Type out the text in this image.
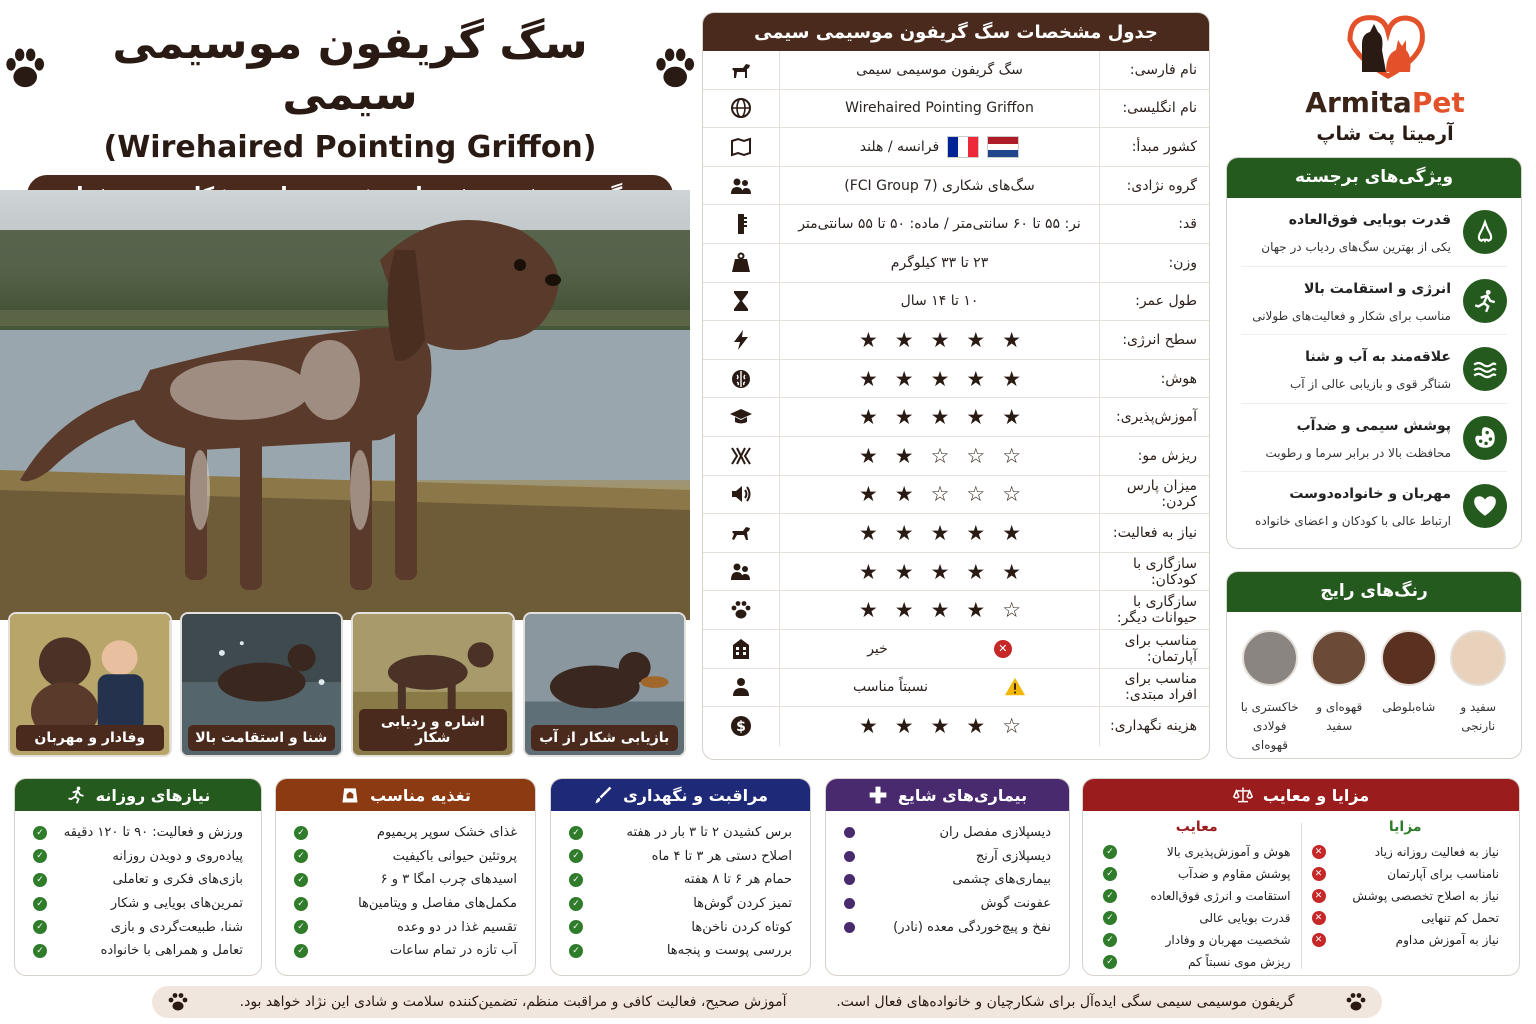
سگ گریفون موسیمی سیمی
(Wirehaired Pointing Griffon)
بازیابی شکار از آب
اشاره و ردیابی شکار
شنا و استقامت بالا
وفادار و مهربان
جدول مشخصات سگ گریفون موسیمی سیمی
نام فارسی:
سگ گریفون موسیمی سیمی
نام انگلیسی:
Wirehaired Pointing Griffon
کشور مبدأ:
فرانسه / هلند
گروه نژادی:
سگ‌های شکاری (FCI Group 7)
قد:
نر: ۵۵ تا ۶۰ سانتی‌متر / ماده: ۵۰ تا ۵۵ سانتی‌متر
وزن:
۲۳ تا ۳۳ کیلوگرم
طول عمر:
۱۰ تا ۱۴ سال
سطح انرژی:
★★★★★
هوش:
★★★★★
آموزش‌پذیری:
★★★★★
ریزش مو:
★★☆☆☆
میزان پارس کردن:
★★☆☆☆
نیاز به فعالیت:
★★★★★
سازگاری با کودکان:
★★★★★
سازگاری با حیوانات دیگر:
★★★★☆
مناسب برای آپارتمان:
✕
خیر
مناسب برای افراد مبتدی:
نسبتاً مناسب
هزینه نگهداری:
★★★★☆
$
ArmitaPet
آرمیتا پت شاپ
ویژگی‌های برجسته
قدرت بویایی فوق‌العاده
یکی از بهترین سگ‌های ردیاب در جهان
انرژی و استقامت بالا
مناسب برای شکار و فعالیت‌های طولانی
علاقه‌مند به آب و شنا
شناگر قوی و بازیابی عالی از آب
پوشش سیمی و ضدآب
محافظت بالا در برابر سرما و رطوبت
مهربان و خانواده‌دوست
ارتباط عالی با کودکان و اعضای خانواده
رنگ‌های رایج
سفید و نارنجی
شاه‌بلوطی
قهوه‌ای و سفید
خاکستری با فولادی قهوه‌ای
مزایا و معایب
مزایا
نیاز به فعالیت روزانه زیاد
✕
نامناسب برای آپارتمان
✕
نیاز به اصلاح تخصصی پوشش
✕
تحمل کم تنهایی
✕
نیاز به آموزش مداوم
✕
معایب
هوش و آموزش‌پذیری بالا
✓
پوشش مقاوم و ضدآب
✓
استقامت و انرژی فوق‌العاده
✓
قدرت بویایی عالی
✓
شخصیت مهربان و وفادار
✓
ریزش موی نسبتاً کم
✓
بیماری‌های شایع
دیسپلازی مفصل ران
دیسپلازی آرنج
بیماری‌های چشمی
عفونت گوش
نفخ و پیچ‌خوردگی معده (نادر)
مراقبت و نگهداری
برس کشیدن ۲ تا ۳ بار در هفته
✓
اصلاح دستی هر ۳ تا ۴ ماه
✓
حمام هر ۶ تا ۸ هفته
✓
تمیز کردن گوش‌ها
✓
کوتاه کردن ناخن‌ها
✓
بررسی پوست و پنجه‌ها
✓
تغذیه مناسب
غذای خشک سوپر پریمیوم
✓
پروتئین حیوانی باکیفیت
✓
اسیدهای چرب امگا ۳ و ۶
✓
مکمل‌های مفاصل و ویتامین‌ها
✓
تقسیم غذا در دو وعده
✓
آب تازه در تمام ساعات
✓
نیازهای روزانه
ورزش و فعالیت: ۹۰ تا ۱۲۰ دقیقه
✓
پیاده‌روی و دویدن روزانه
✓
بازی‌های فکری و تعاملی
✓
تمرین‌های بویایی و شکار
✓
شنا، طبیعت‌گردی و بازی
✓
تعامل و همراهی با خانواده
✓
گریفون موسیمی سیمی سگی ایده‌آل برای شکارچیان و خانواده‌های فعال است.
آموزش صحیح، فعالیت کافی و مراقبت منظم، تضمین‌کننده سلامت و شادی این نژاد خواهد بود.
